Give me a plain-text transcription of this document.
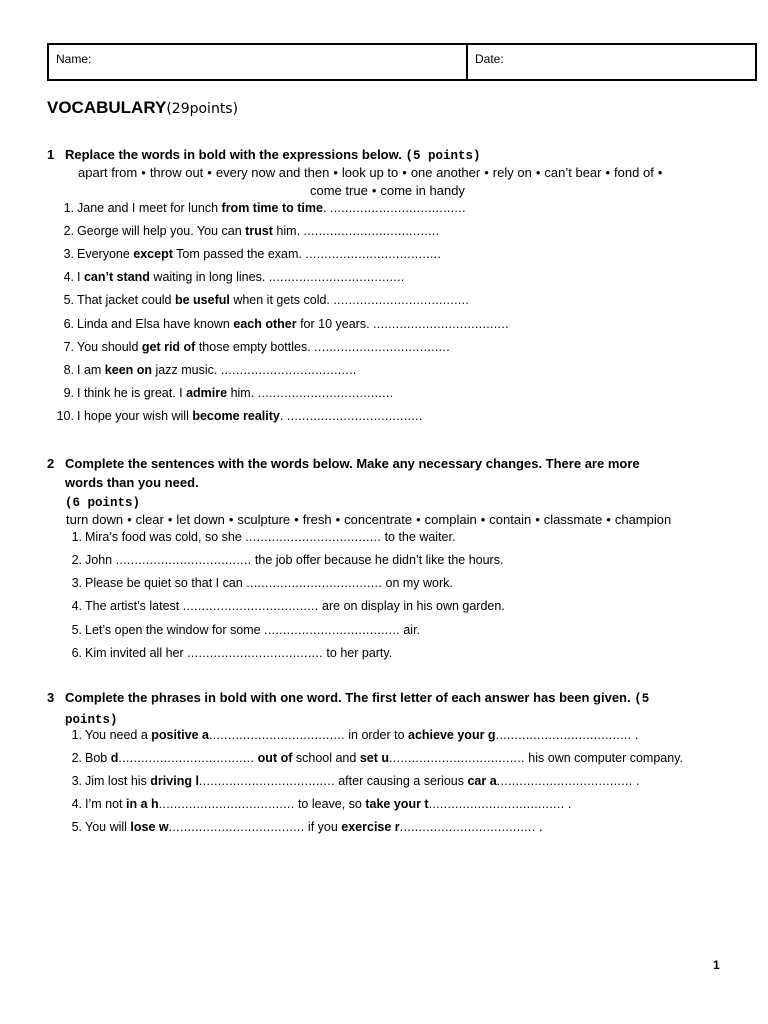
Name:	Date:
VOCABULARY(29points)
1 Replace the words in bold with the expressions below. (5 points)
apart from • throw out • every now and then • look up to • one another • rely on • can’t bear • fond of •
come true • come in handy
1. Jane and I meet for lunch from time to time. ....................................
2. George will help you. You can trust him. ....................................
3. Everyone except Tom passed the exam. ....................................
4. I can’t stand waiting in long lines. ....................................
5. That jacket could be useful when it gets cold. ....................................
6. Linda and Elsa have known each other for 10 years. ....................................
7. You should get rid of those empty bottles. ....................................
8. I am keen on jazz music. ....................................
9. I think he is great. I admire him. ....................................
10. I hope your wish will become reality. ....................................
2 Complete the sentences with the words below. Make any necessary changes. There are more
words than you need.
(6 points)
turn down • clear • let down • sculpture • fresh • concentrate • complain • contain • classmate • champion
1. Mira’s food was cold, so she .................................... to the waiter.
2. John .................................... the job offer because he didn’t like the hours.
3. Please be quiet so that I can .................................... on my work.
4. The artist’s latest .................................... are on display in his own garden.
5. Let’s open the window for some .................................... air.
6. Kim invited all her .................................... to her party.
3 Complete the phrases in bold with one word. The first letter of each answer has been given. (5
points)
1. You need a positive a.................................... in order to achieve your g.................................... .
2. Bob d.................................... out of school and set u.................................... his own computer company.
3. Jim lost his driving l.................................... after causing a serious car a.................................... .
4. I’m not in a h.................................... to leave, so take your t.................................... .
5. You will lose w.................................... if you exercise r.................................... .
1
